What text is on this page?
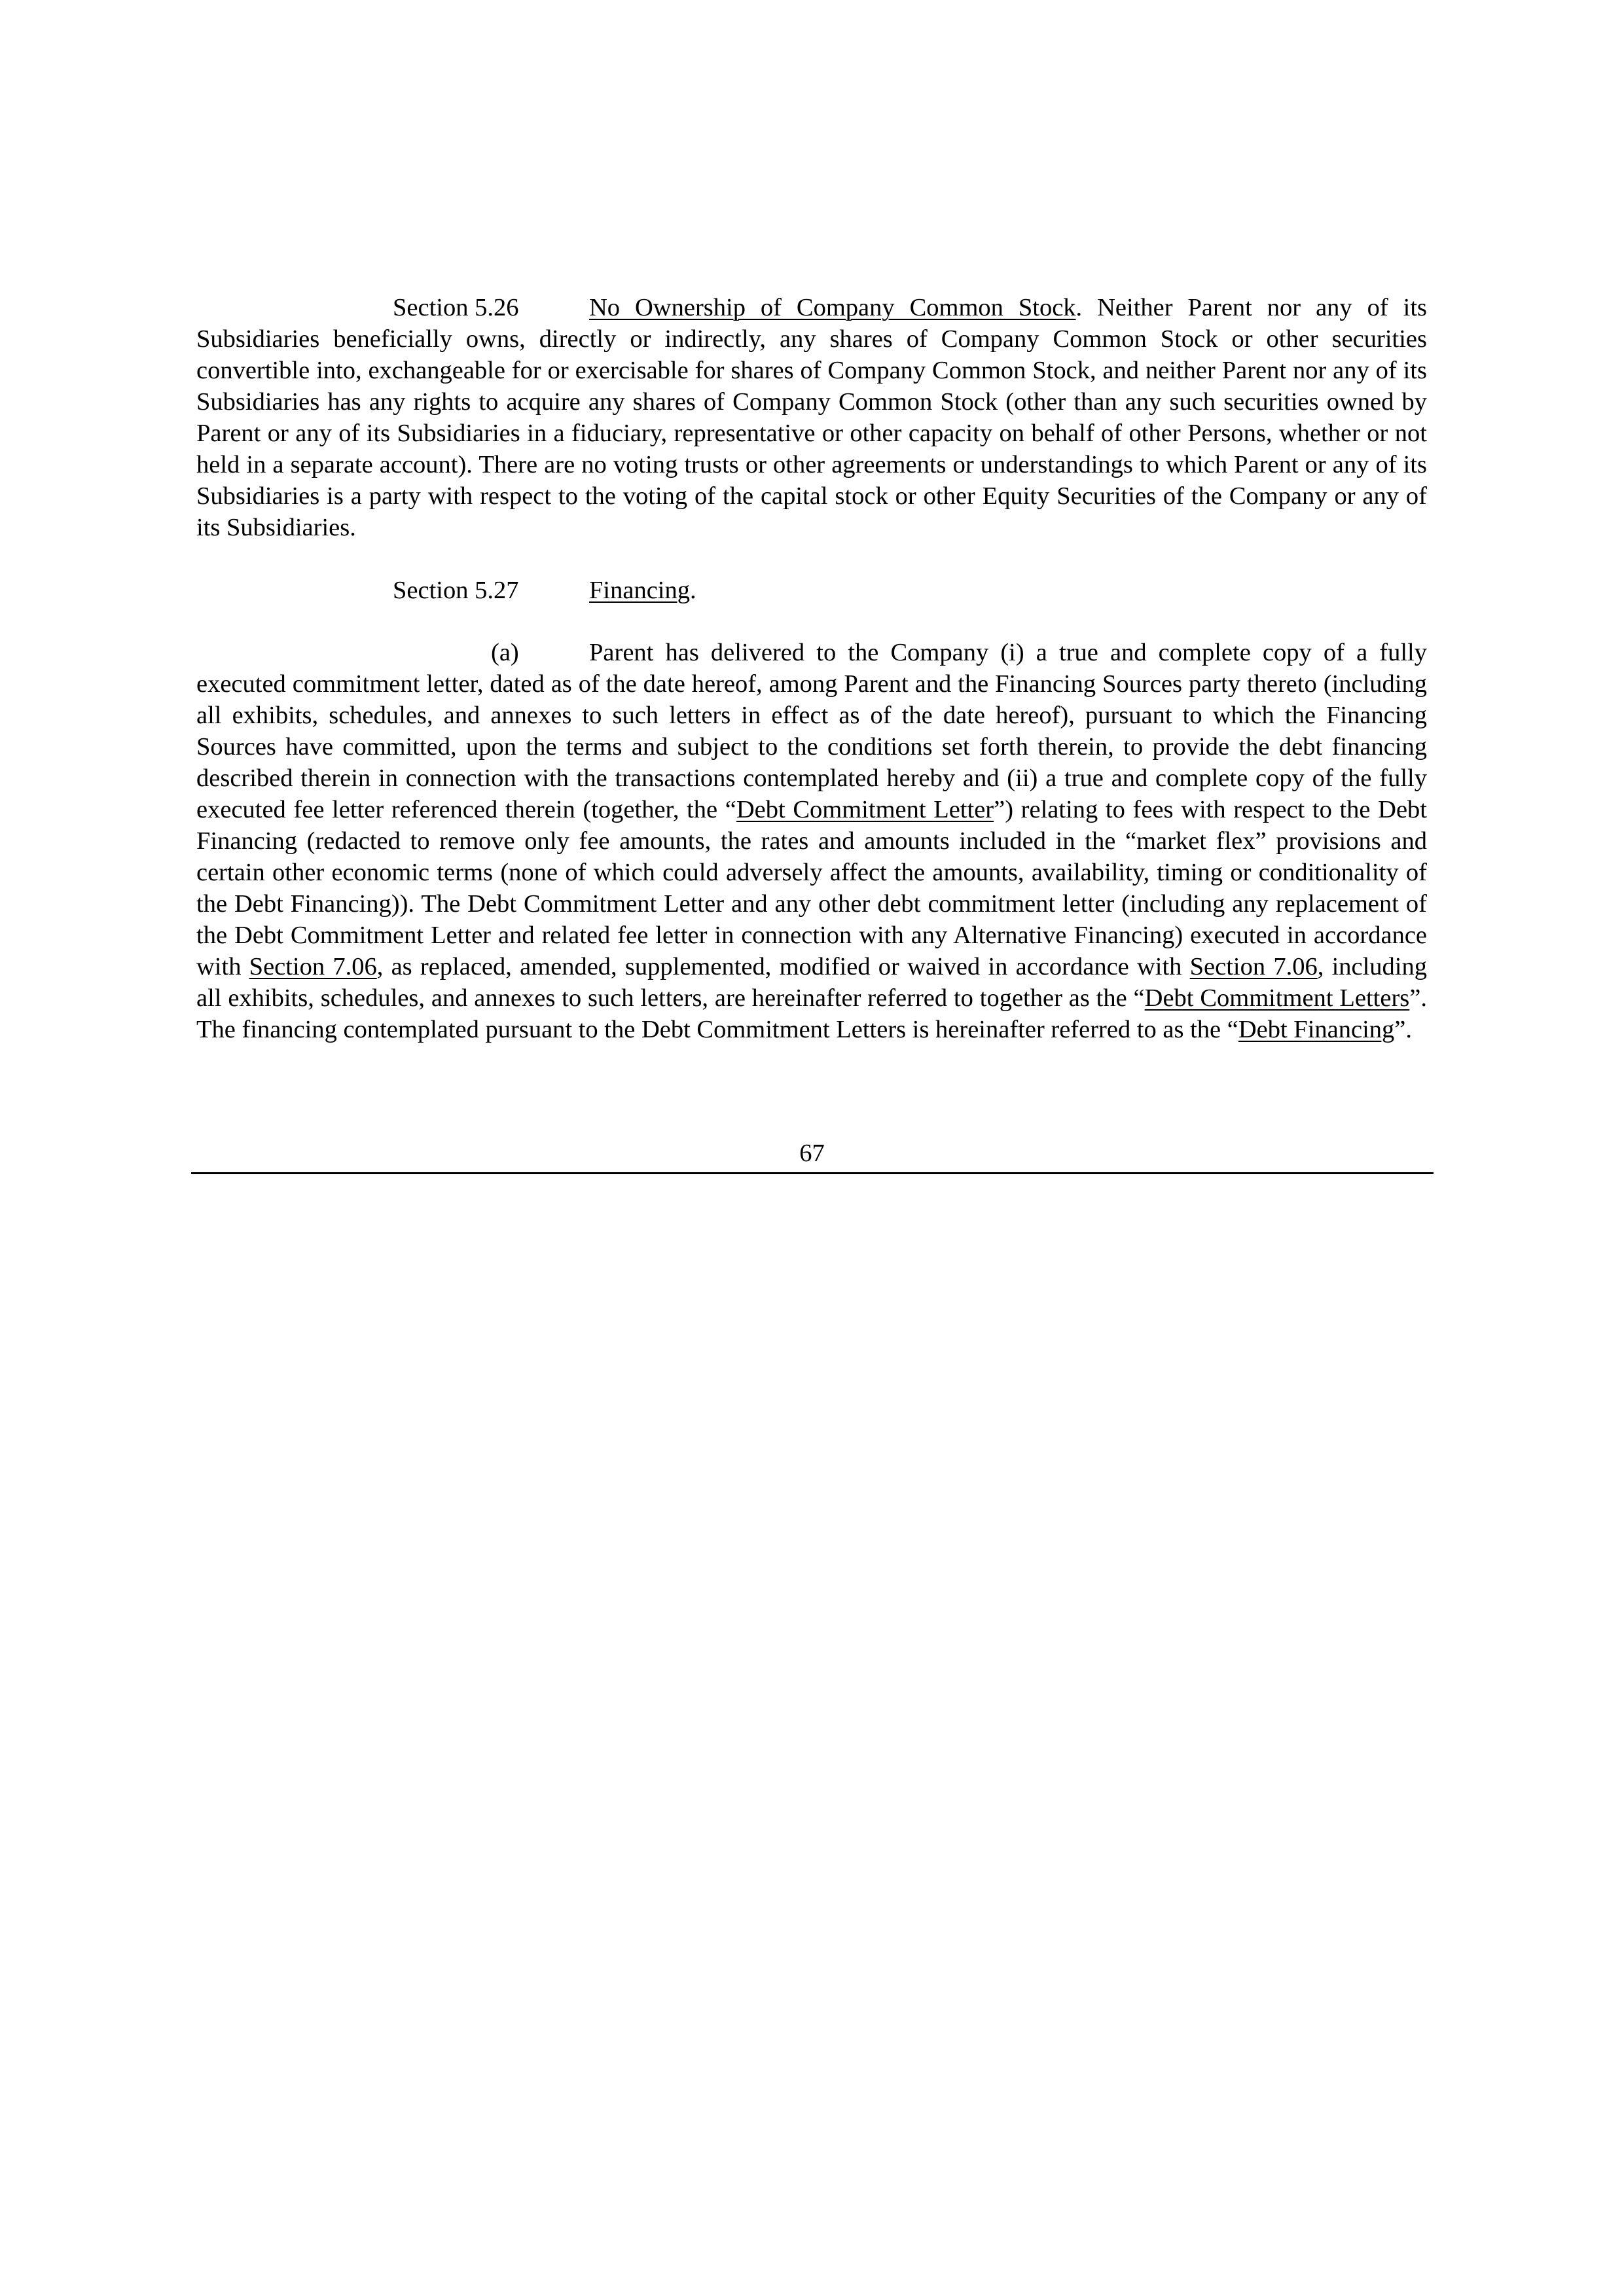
Section 5.26	No Ownership of Company Common Stock. Neither Parent nor any of its Subsidiaries beneficially owns, directly or indirectly, any shares of Company Common Stock or other securities convertible into, exchangeable for or exercisable for shares of Company Common Stock, and neither Parent nor any of its Subsidiaries has any rights to acquire any shares of Company Common Stock (other than any such securities owned by Parent or any of its Subsidiaries in a fiduciary, representative or other capacity on behalf of other Persons, whether or not held in a separate account). There are no voting trusts or other agreements or understandings to which Parent or any of its Subsidiaries is a party with respect to the voting of the capital stock or other Equity Securities of the Company or any of its Subsidiaries.
Section 5.27	Financing.
(a)	Parent has delivered to the Company (i) a true and complete copy of a fully executed commitment letter, dated as of the date hereof, among Parent and the Financing Sources party thereto (including all exhibits, schedules, and annexes to such letters in effect as of the date hereof), pursuant to which the Financing Sources have committed, upon the terms and subject to the conditions set forth therein, to provide the debt financing described therein in connection with the transactions contemplated hereby and (ii) a true and complete copy of the fully executed fee letter referenced therein (together, the “Debt Commitment Letter”) relating to fees with respect to the Debt Financing (redacted to remove only fee amounts, the rates and amounts included in the “market flex” provisions and certain other economic terms (none of which could adversely affect the amounts, availability, timing or conditionality of the Debt Financing)). The Debt Commitment Letter and any other debt commitment letter (including any replacement of the Debt Commitment Letter and related fee letter in connection with any Alternative Financing) executed in accordance with Section 7.06, as replaced, amended, supplemented, modified or waived in accordance with Section 7.06, including all exhibits, schedules, and annexes to such letters, are hereinafter referred to together as the “Debt Commitment Letters”. The financing contemplated pursuant to the Debt Commitment Letters is hereinafter referred to as the “Debt Financing”.
67
